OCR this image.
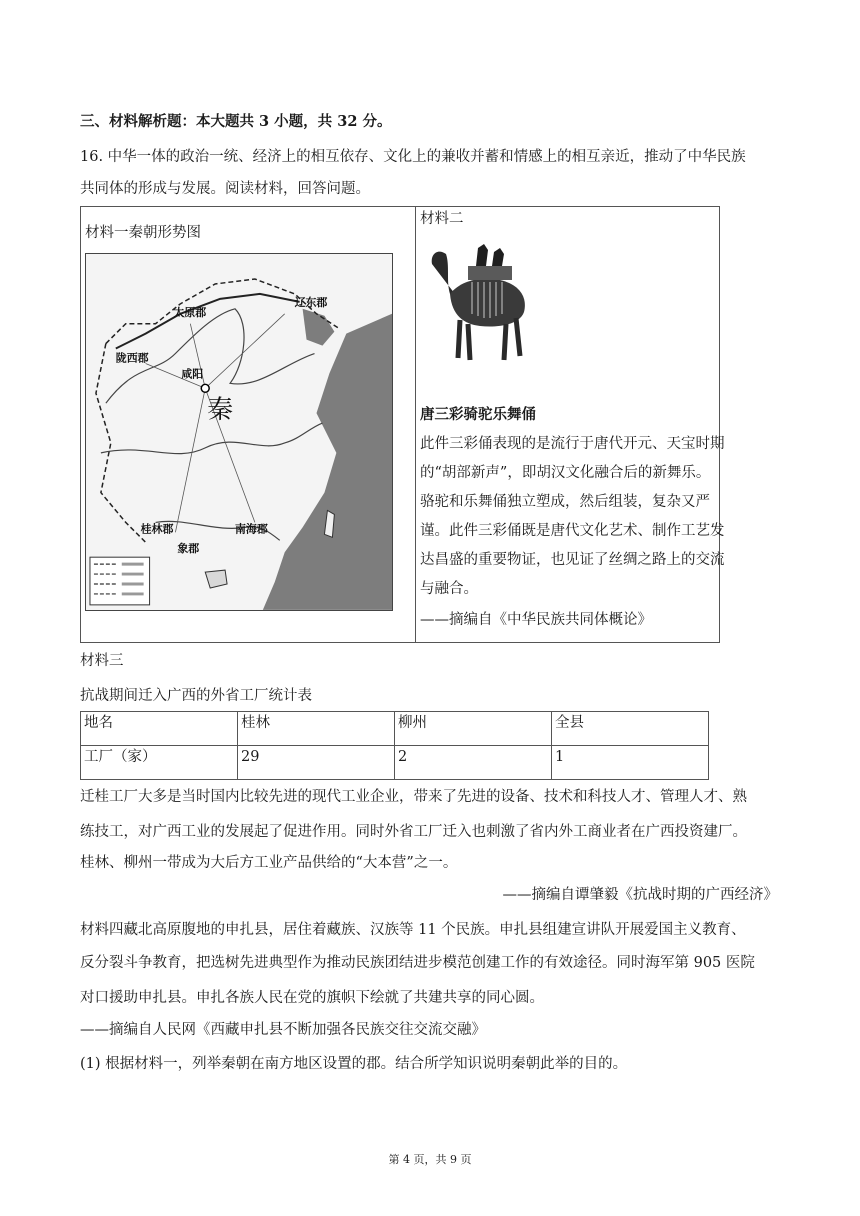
三、材料解析题：本大题共 3 小题，共 32 分。
16. 中华一体的政治一统、经济上的相互依存、文化上的兼收并蓄和情感上的相互亲近，推动了中华民族
共同体的形成与发展。阅读材料，回答问题。
材料一秦朝形势图
太原郡
辽东郡
陇西郡
咸阳
秦
桂林郡	南海郡
象郡
材料二
唐三彩骑驼乐舞俑
此件三彩俑表现的是流行于唐代开元、天宝时期
的“胡部新声”，即胡汉文化融合后的新舞乐。
骆驼和乐舞俑独立塑成，然后组装，复杂又严
谨。此件三彩俑既是唐代文化艺术、制作工艺发
达昌盛的重要物证，也见证了丝绸之路上的交流
与融合。
——摘编自《中华民族共同体概论》
材料三
抗战期间迁入广西的外省工厂统计表
地名	桂林	柳州	全县
工厂（家）	29	2	1
迁桂工厂大多是当时国内比较先进的现代工业企业，带来了先进的设备、技术和科技人才、管理人才、熟
练技工，对广西工业的发展起了促进作用。同时外省工厂迁入也刺激了省内外工商业者在广西投资建厂。
桂林、柳州一带成为大后方工业产品供给的“大本营”之一。
——摘编自谭肇毅《抗战时期的广西经济》
材料四藏北高原腹地的申扎县，居住着藏族、汉族等 11 个民族。申扎县组建宣讲队开展爱国主义教育、
反分裂斗争教育，把选树先进典型作为推动民族团结进步模范创建工作的有效途径。同时海军第 905 医院
对口援助申扎县。申扎各族人民在党的旗帜下绘就了共建共享的同心圆。
——摘编自人民网《西藏申扎县不断加强各民族交往交流交融》
(1) 根据材料一，列举秦朝在南方地区设置的郡。结合所学知识说明秦朝此举的目的。
第 4 页，共 9 页
